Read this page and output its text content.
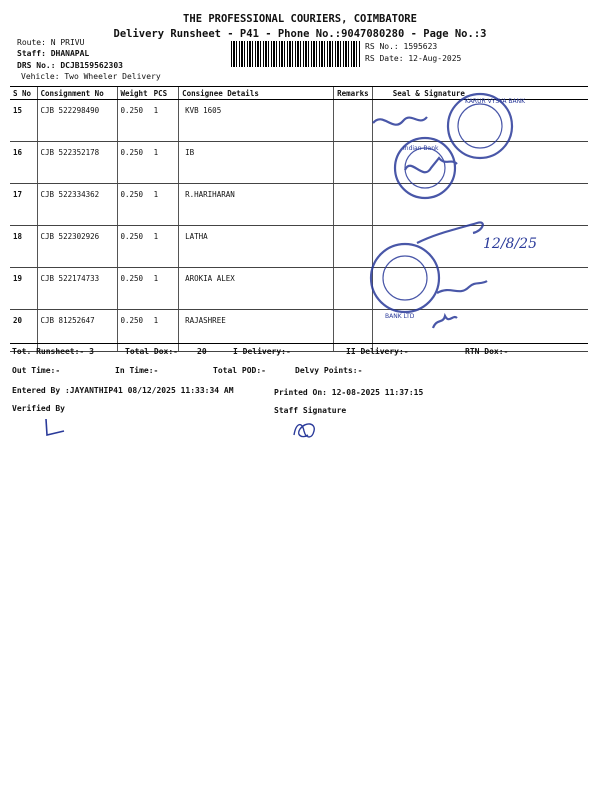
THE PROFESSIONAL COURIERS, COIMBATORE
Delivery Runsheet - P41 - Phone No.:9047080280 - Page No.:3
Route: N PRIVU
Staff: DHANAPAL
DRS No.: DCJB159562303
Vehicle: Two Wheeler Delivery
RS No.: 1595623
RS Date: 12-Aug-2025
S No	Consignment No	Weight	PCS	Consignee Details	Remarks	Seal & Signature
15	CJB 522298490	0.250	1	KVB 1605		
16	CJB 522352178	0.250	1	IB		
17	CJB 522334362	0.250	1	R.HARIHARAN		
18	CJB 522302926	0.250	1	LATHA		
19	CJB 522174733	0.250	1	AROKIA ALEX		
20	CJB 81252647	0.250	1	RAJASHREE		
KARUR VYSYA BANK
Indian Bank
BANK LTD
12/8/25
Tot. Runsheet:- 3	Total Dox:- 20	I Delivery:-	II Delivery:-	RTN Dox:-
Out Time:-	In Time:-	Total POD:-	Delvy Points:-
Entered By :JAYANTHIP41 08/12/2025 11:33:34 AM	Printed On: 12-08-2025 11:37:15
Verified By	Staff Signature
